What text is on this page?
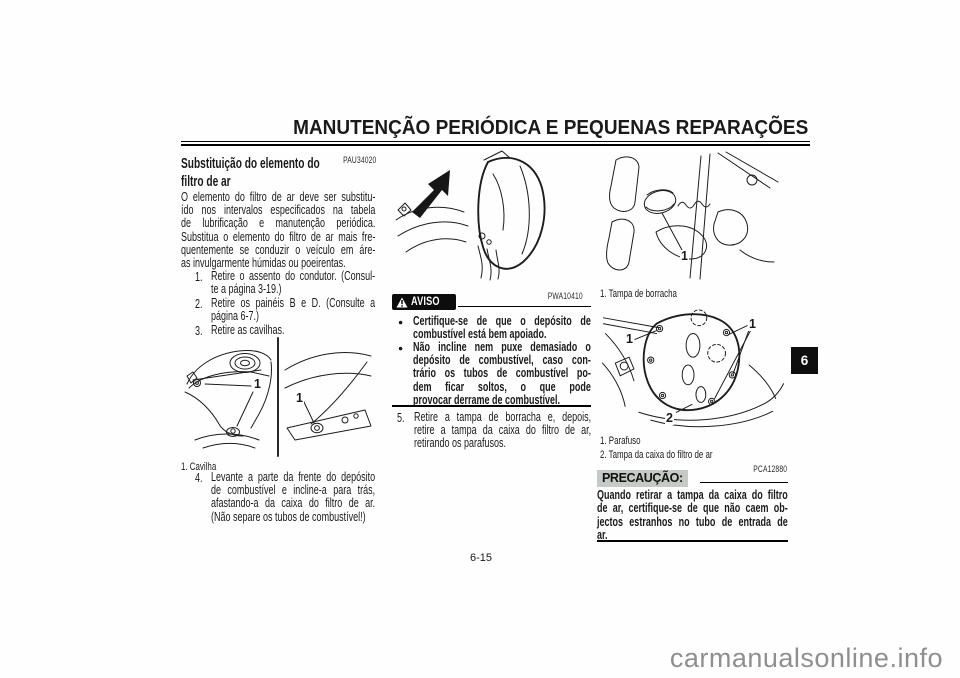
MANUTENÇÃO PERIÓDICA E PEQUENAS REPARAÇÕES
PAU34020
Substituição do elemento do
filtro de ar
O elemento do filtro de ar deve ser substitu-
ído nos intervalos especificados na tabela
de lubrificação e manutenção periódica.
Substitua o elemento do filtro de ar mais fre-
quentemente se conduzir o veículo em áre-
as invulgarmente húmidas ou poeirentas.
1. Retire o assento do condutor. (Consul-
te a página 3-19.)
2. Retire os painéis B e D. (Consulte a
página 6-7.)
3. Retire as cavilhas.
1
1
1. Cavilha
4. Levante a parte da frente do depósito
de combustível e incline-a para trás,
afastando-a da caixa do filtro de ar.
(Não separe os tubos de combustível!)
PWA10410
AVISO
● Certifique-se de que o depósito de
combustível está bem apoiado.
● Não incline nem puxe demasiado o
depósito de combustível, caso con-
trário os tubos de combustível po-
dem ficar soltos, o que pode
provocar derrame de combustível.
5. Retire a tampa de borracha e, depois,
retire a tampa da caixa do filtro de ar,
retirando os parafusos.
1
1. Tampa de borracha
1
1
2
1. Parafuso
2. Tampa da caixa do filtro de ar
PCA12880
PRECAUÇÃO:
Quando retirar a tampa da caixa do filtro
de ar, certifique-se de que não caem ob-
jectos estranhos no tubo de entrada de
ar.
6
6-15
carmanualsonline.info
